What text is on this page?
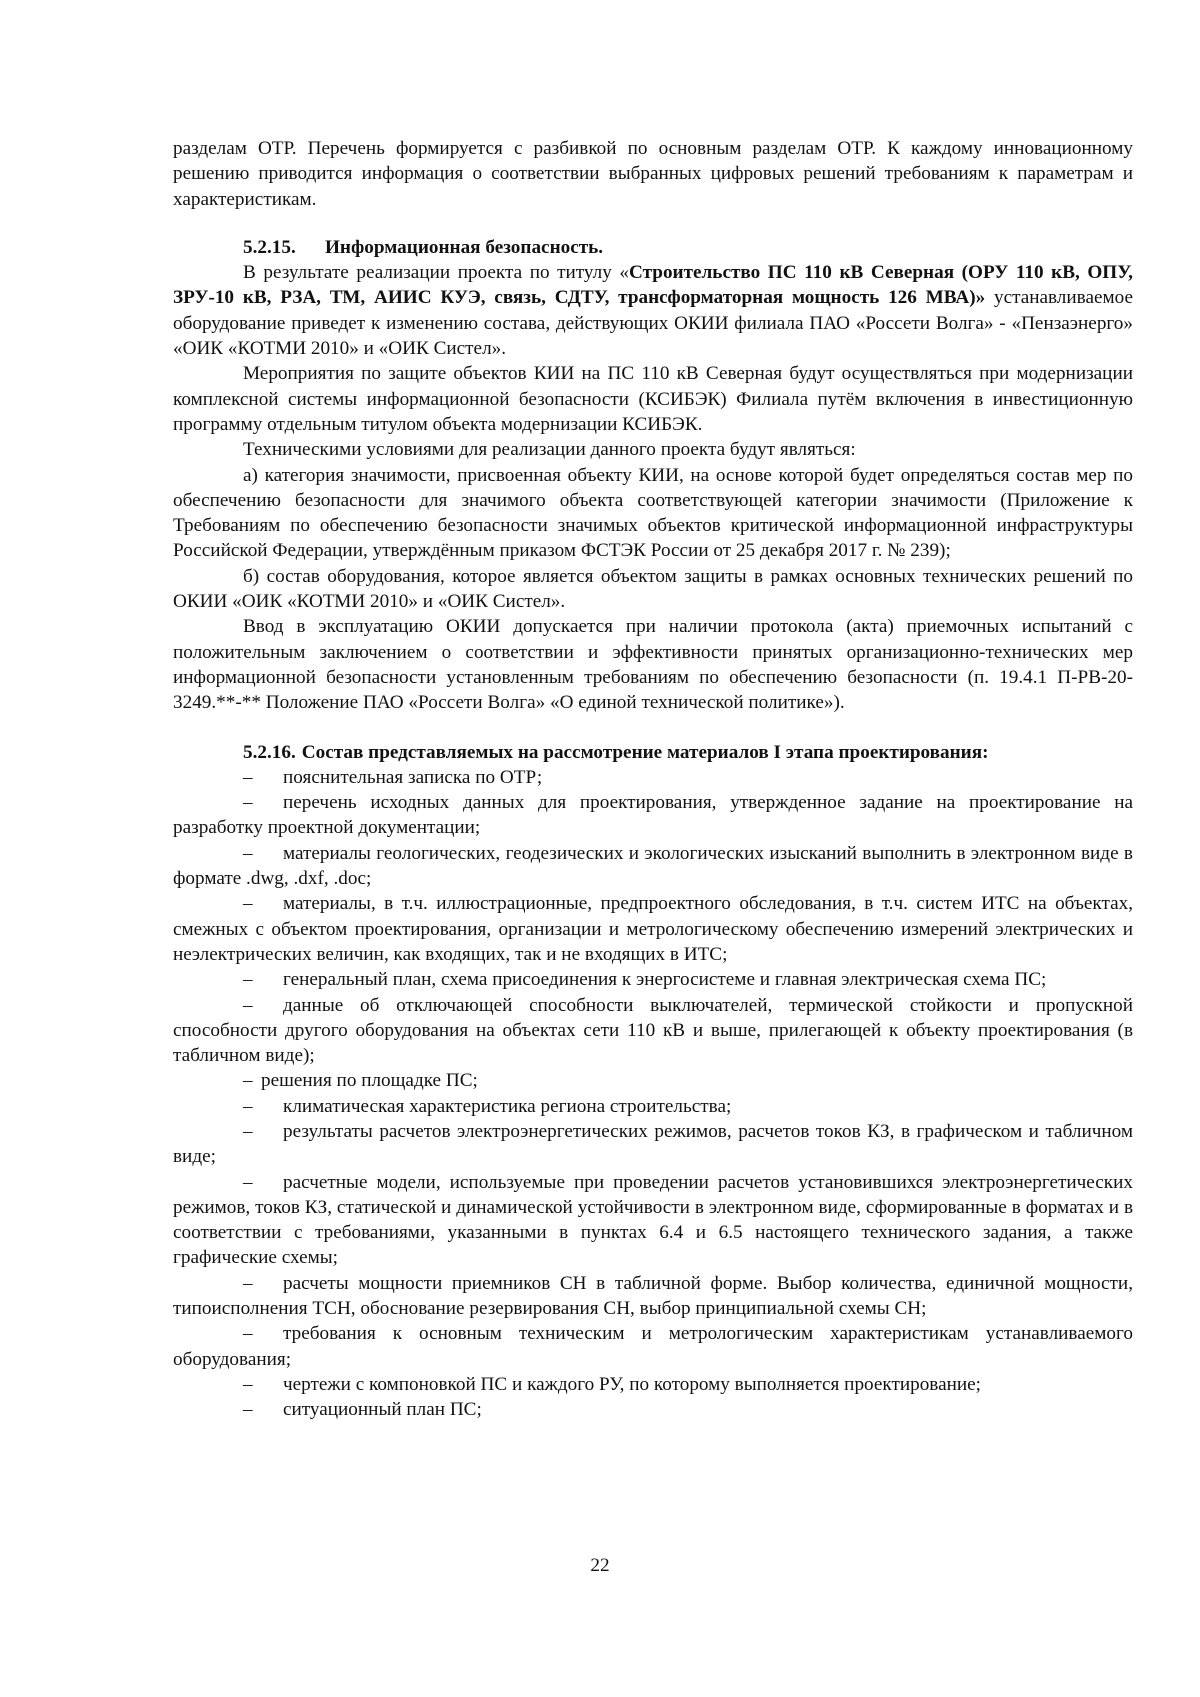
разделам ОТР. Перечень формируется с разбивкой по основным разделам ОТР. К каждому инновационному решению приводится информация о соответствии выбранных цифровых решений требованиям к параметрам и характеристикам.
5.2.15. Информационная безопасность.
В результате реализации проекта по титулу «Строительство ПС 110 кВ Северная (ОРУ 110 кВ, ОПУ, ЗРУ-10 кВ, РЗА, ТМ, АИИС КУЭ, связь, СДТУ, трансформаторная мощность 126 МВА)» устанавливаемое оборудование приведет к изменению состава, действующих ОКИИ филиала ПАО «Россети Волга» - «Пензаэнерго» «ОИК «КОТМИ 2010» и «ОИК Систел».
Мероприятия по защите объектов КИИ на ПС 110 кВ Северная будут осуществляться при модернизации комплексной системы информационной безопасности (КСИБЭК) Филиала путём включения в инвестиционную программу отдельным титулом объекта модернизации КСИБЭК.
Техническими условиями для реализации данного проекта будут являться:
а) категория значимости, присвоенная объекту КИИ, на основе которой будет определяться состав мер по обеспечению безопасности для значимого объекта соответствующей категории значимости (Приложение к Требованиям по обеспечению безопасности значимых объектов критической информационной инфраструктуры Российской Федерации, утверждённым приказом ФСТЭК России от 25 декабря 2017 г. № 239);
б) состав оборудования, которое является объектом защиты в рамках основных технических решений по ОКИИ «ОИК «КОТМИ 2010» и «ОИК Систел».
Ввод в эксплуатацию ОКИИ допускается при наличии протокола (акта) приемочных испытаний с положительным заключением о соответствии и эффективности принятых организационно-технических мер информационной безопасности установленным требованиям по обеспечению безопасности (п. 19.4.1 П-РВ-20-3249.**-** Положение ПАО «Россети Волга» «О единой технической политике»).
5.2.16. Состав представляемых на рассмотрение материалов I этапа проектирования:
– пояснительная записка по ОТР;
– перечень исходных данных для проектирования, утвержденное задание на проектирование на разработку проектной документации;
– материалы геологических, геодезических и экологических изысканий выполнить в электронном виде в формате .dwg, .dxf, .doc;
– материалы, в т.ч. иллюстрационные, предпроектного обследования, в т.ч. систем ИТС на объектах, смежных с объектом проектирования, организации и метрологическому обеспечению измерений электрических и неэлектрических величин, как входящих, так и не входящих в ИТС;
– генеральный план, схема присоединения к энергосистеме и главная электрическая схема ПС;
– данные об отключающей способности выключателей, термической стойкости и пропускной способности другого оборудования на объектах сети 110 кВ и выше, прилегающей к объекту проектирования (в табличном виде);
– решения по площадке ПС;
– климатическая характеристика региона строительства;
– результаты расчетов электроэнергетических режимов, расчетов токов КЗ, в графическом и табличном виде;
– расчетные модели, используемые при проведении расчетов установившихся электроэнергетических режимов, токов КЗ, статической и динамической устойчивости в электронном виде, сформированные в форматах и в соответствии с требованиями, указанными в пунктах 6.4 и 6.5 настоящего технического задания, а также графические схемы;
– расчеты мощности приемников СН в табличной форме. Выбор количества, единичной мощности, типоисполнения ТСН, обоснование резервирования СН, выбор принципиальной схемы СН;
– требования к основным техническим и метрологическим характеристикам устанавливаемого оборудования;
– чертежи с компоновкой ПС и каждого РУ, по которому выполняется проектирование;
– ситуационный план ПС;
22
